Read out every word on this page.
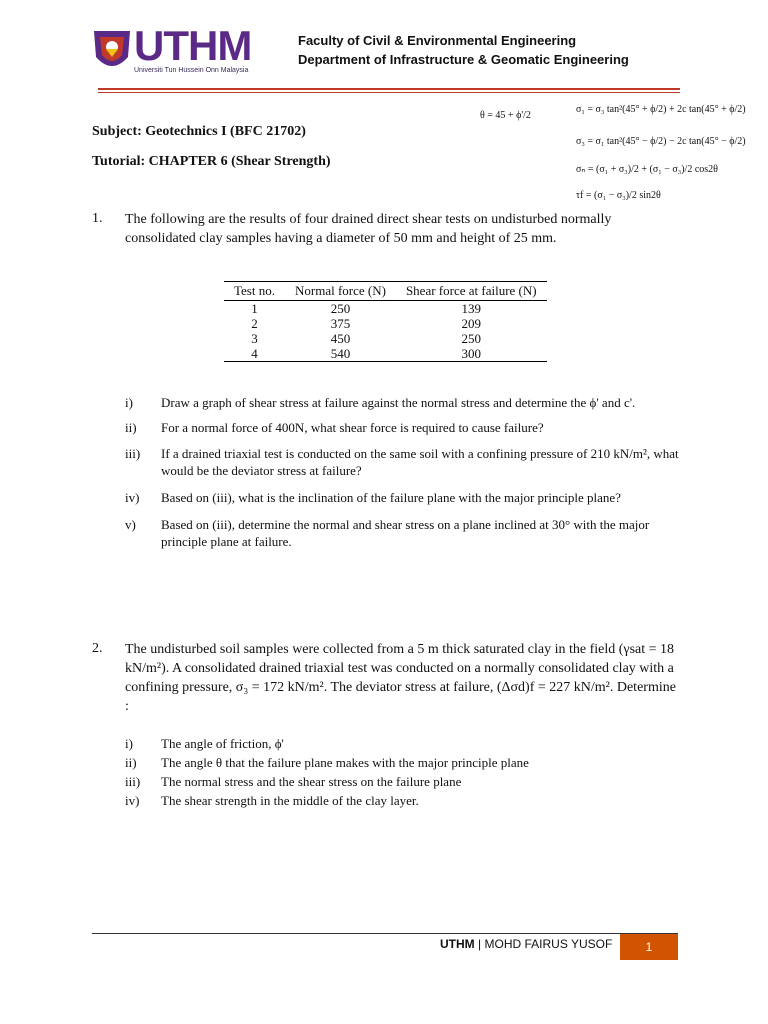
UTHM
Universiti Tun Hussein Onn Malaysia
Faculty of Civil & Environmental Engineering
Department of Infrastructure & Geomatic Engineering
Subject: Geotechnics I (BFC 21702)
Tutorial: CHAPTER 6 (Shear Strength)
θ = 45 + ϕ'/2
σ₁ = σ₃ tan²(45° + ϕ/2) + 2c tan(45° + ϕ/2)
σ₃ = σ₁ tan²(45° − ϕ/2) − 2c tan(45° − ϕ/2)
σₙ = (σ₁ + σ₃)/2 + (σ₁ − σ₃)/2 cos2θ
τf = (σ₁ − σ₃)/2 sin2θ
1. The following are the results of four drained direct shear tests on undisturbed normally consolidated clay samples having a diameter of 50 mm and height of 25 mm.
Test no.	Normal force (N)	Shear force at failure (N)
1	250	139
2	375	209
3	450	250
4	540	300
i)	Draw a graph of shear stress at failure against the normal stress and determine the ϕ' and c'.
ii)	For a normal force of 400N, what shear force is required to cause failure?
iii)	If a drained triaxial test is conducted on the same soil with a confining pressure of 210 kN/m², what would be the deviator stress at failure?
iv)	Based on (iii), what is the inclination of the failure plane with the major principle plane?
v)	Based on (iii), determine the normal and shear stress on a plane inclined at 30° with the major principle plane at failure.
2. The undisturbed soil samples were collected from a 5 m thick saturated clay in the field (γsat = 18 kN/m²). A consolidated drained triaxial test was conducted on a normally consolidated clay with a confining pressure, σ₃ = 172 kN/m². The deviator stress at failure, (Δσd)f = 227 kN/m². Determine :
i)	The angle of friction, ϕ'
ii)	The angle θ that the failure plane makes with the major principle plane
iii)	The normal stress and the shear stress on the failure plane
iv)	The shear strength in the middle of the clay layer.
UTHM | MOHD FAIRUS YUSOF	1
